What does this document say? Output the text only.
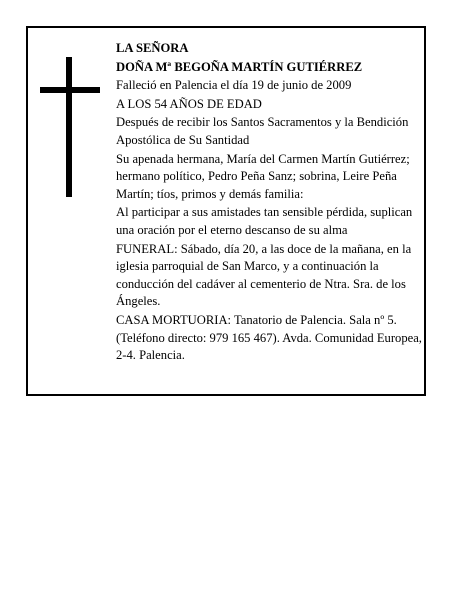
LA SEÑORA

DOÑA Mª BEGOÑA MARTÍN GUTIÉRREZ

Falleció en Palencia el día 19 de junio de 2009

A LOS 54 AÑOS DE EDAD

Después de recibir los Santos Sacramentos y la Bendición Apostólica de Su Santidad

Su apenada hermana, María del Carmen Martín Gutiérrez; hermano político, Pedro Peña Sanz; sobrina, Leire Peña Martín; tíos, primos y demás familia:

Al participar a sus amistades tan sensible pérdida, suplican una oración por el eterno descanso de su alma

FUNERAL: Sábado, día 20, a las doce de la mañana, en la iglesia parroquial de San Marco, y a continuación la conducción del cadáver al cementerio de Ntra. Sra. de los Ángeles.

CASA MORTUORIA: Tanatorio de Palencia. Sala nº 5. (Teléfono directo: 979 165 467). Avda. Comunidad Europea, 2-4. Palencia.
